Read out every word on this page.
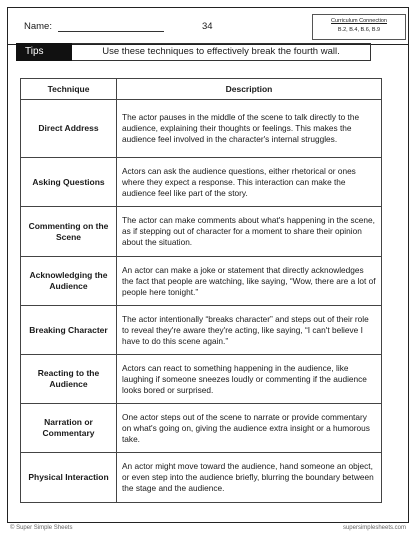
Name:	34	Curriculum Connection
B.2, B.4, B.6, B.9
Tips	Use these techniques to effectively break the fourth wall.
Technique	Description
Direct Address	The actor pauses in the middle of the scene to talk directly to the audience, explaining their thoughts or feelings. This makes the audience feel involved in the character's internal struggles.
Asking Questions	Actors can ask the audience questions, either rhetorical or ones where they expect a response. This interaction can make the audience feel like part of the story.
Commenting on the Scene	The actor can make comments about what's happening in the scene, as if stepping out of character for a moment to share their opinion about the situation.
Acknowledging the Audience	An actor can make a joke or statement that directly acknowledges the fact that people are watching, like saying, “Wow, there are a lot of people here tonight.”
Breaking Character	The actor intentionally “breaks character” and steps out of their role to reveal they're aware they're acting, like saying, “I can't believe I have to do this scene again.”
Reacting to the Audience	Actors can react to something happening in the audience, like laughing if someone sneezes loudly or commenting if the audience looks bored or surprised.
Narration or Commentary	One actor steps out of the scene to narrate or provide commentary on what's going on, giving the audience extra insight or a humorous take.
Physical Interaction	An actor might move toward the audience, hand someone an object, or even step into the audience briefly, blurring the boundary between the stage and the audience.
© Super Simple Sheets	supersimplesheets.com
